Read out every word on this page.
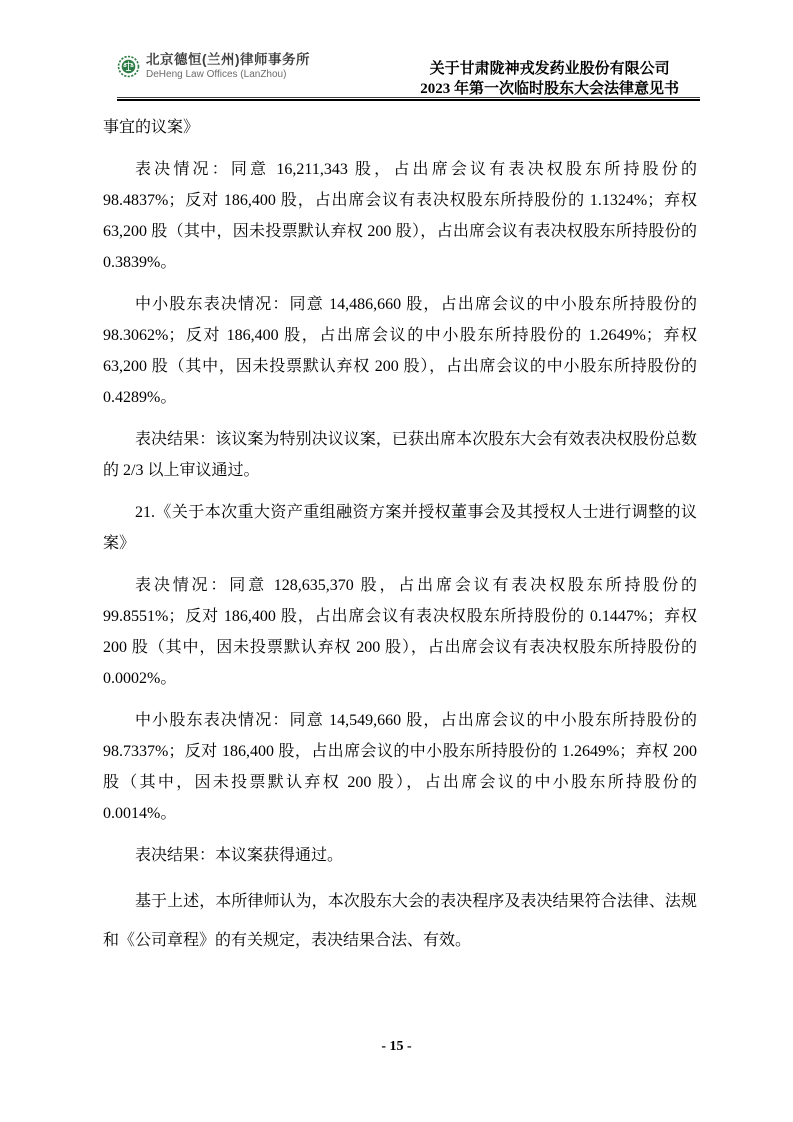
北京德恒(兰州)律师事务所
DeHeng Law Offices (LanZhou)	关于甘肃陇神戎发药业股份有限公司
2023 年第一次临时股东大会法律意见书

事宜的议案》

表决情况：同意 16,211,343 股，占出席会议有表决权股东所持股份的 98.4837%；反对 186,400 股，占出席会议有表决权股东所持股份的 1.1324%；弃权 63,200 股（其中，因未投票默认弃权 200 股），占出席会议有表决权股东所持股份的 0.3839%。

中小股东表决情况：同意 14,486,660 股，占出席会议的中小股东所持股份的 98.3062%；反对 186,400 股，占出席会议的中小股东所持股份的 1.2649%；弃权 63,200 股（其中，因未投票默认弃权 200 股），占出席会议的中小股东所持股份的 0.4289%。

表决结果：该议案为特别决议议案，已获出席本次股东大会有效表决权股份总数的 2/3 以上审议通过。

21.《关于本次重大资产重组融资方案并授权董事会及其授权人士进行调整的议案》

表决情况：同意 128,635,370 股，占出席会议有表决权股东所持股份的 99.8551%；反对 186,400 股，占出席会议有表决权股东所持股份的 0.1447%；弃权 200 股（其中，因未投票默认弃权 200 股），占出席会议有表决权股东所持股份的 0.0002%。

中小股东表决情况：同意 14,549,660 股，占出席会议的中小股东所持股份的 98.7337%；反对 186,400 股，占出席会议的中小股东所持股份的 1.2649%；弃权 200 股（其中，因未投票默认弃权 200 股），占出席会议的中小股东所持股份的 0.0014%。

表决结果：本议案获得通过。

基于上述，本所律师认为，本次股东大会的表决程序及表决结果符合法律、法规和《公司章程》的有关规定，表决结果合法、有效。

- 15 -
